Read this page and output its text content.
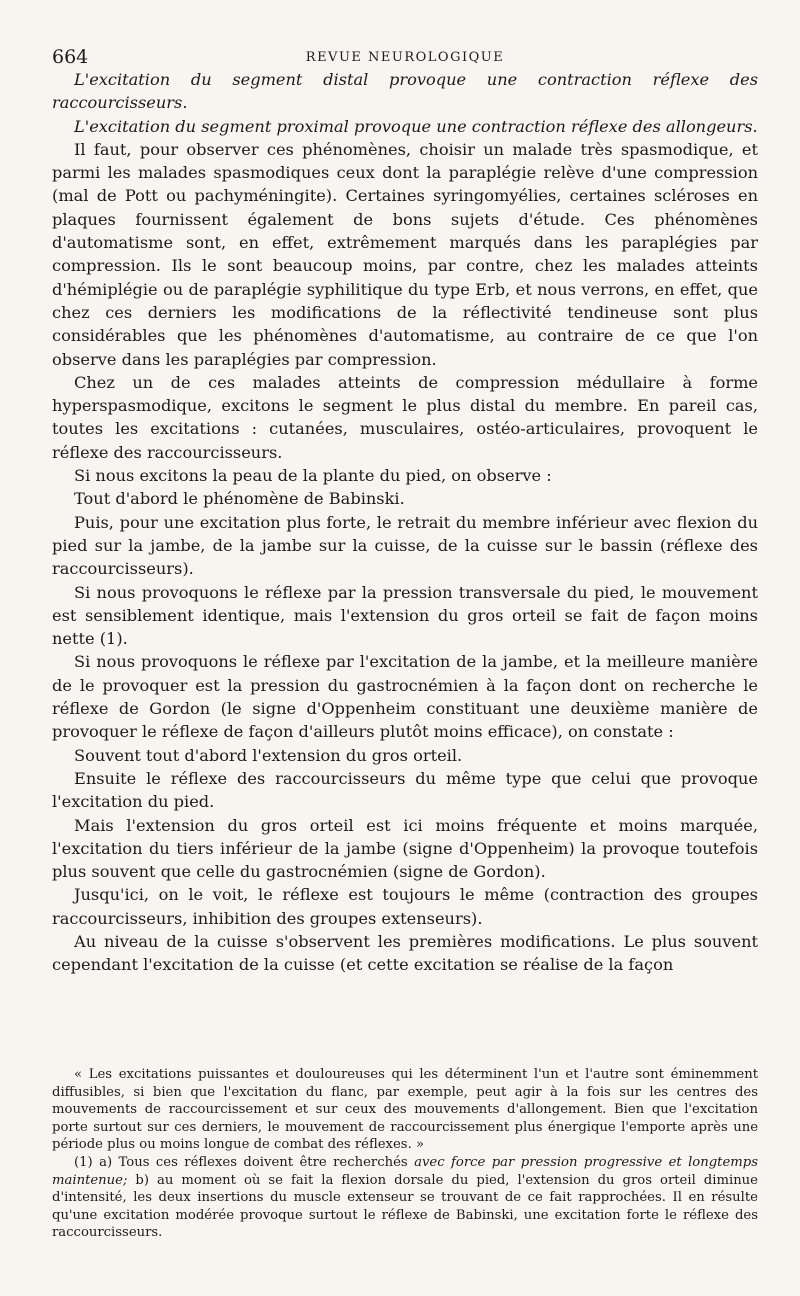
664	REVUE NEUROLOGIQUE

L'excitation du segment distal provoque une contraction réflexe des raccourcisseurs.

L'excitation du segment proximal provoque une contraction réflexe des allongeurs.

Il faut, pour observer ces phénomènes, choisir un malade très spasmodique, et parmi les malades spasmodiques ceux dont la paraplégie relève d'une compression (mal de Pott ou pachyméningite). Certaines syringomyélies, certaines scléroses en plaques fournissent également de bons sujets d'étude. Ces phénomènes d'automatisme sont, en effet, extrêmement marqués dans les paraplégies par compression. Ils le sont beaucoup moins, par contre, chez les malades atteints d'hémiplégie ou de paraplégie syphilitique du type Erb, et nous verrons, en effet, que chez ces derniers les modifications de la réflectivité tendineuse sont plus considérables que les phénomènes d'automatisme, au contraire de ce que l'on observe dans les paraplégies par compression.

Chez un de ces malades atteints de compression médullaire à forme hyperspasmodique, excitons le segment le plus distal du membre. En pareil cas, toutes les excitations : cutanées, musculaires, ostéo-articulaires, provoquent le réflexe des raccourcisseurs.

Si nous excitons la peau de la plante du pied, on observe :

Tout d'abord le phénomène de Babinski.

Puis, pour une excitation plus forte, le retrait du membre inférieur avec flexion du pied sur la jambe, de la jambe sur la cuisse, de la cuisse sur le bassin (réflexe des raccourcisseurs).

Si nous provoquons le réflexe par la pression transversale du pied, le mouvement est sensiblement identique, mais l'extension du gros orteil se fait de façon moins nette (1).

Si nous provoquons le réflexe par l'excitation de la jambe, et la meilleure manière de le provoquer est la pression du gastrocnémien à la façon dont on recherche le réflexe de Gordon (le signe d'Oppenheim constituant une deuxième manière de provoquer le réflexe de façon d'ailleurs plutôt moins efficace), on constate :

Souvent tout d'abord l'extension du gros orteil.

Ensuite le réflexe des raccourcisseurs du même type que celui que provoque l'excitation du pied.

Mais l'extension du gros orteil est ici moins fréquente et moins marquée, l'excitation du tiers inférieur de la jambe (signe d'Oppenheim) la provoque toutefois plus souvent que celle du gastrocnémien (signe de Gordon).

Jusqu'ici, on le voit, le réflexe est toujours le même (contraction des groupes raccourcisseurs, inhibition des groupes extenseurs).

Au niveau de la cuisse s'observent les premières modifications. Le plus souvent cependant l'excitation de la cuisse (et cette excitation se réalise de la façon

« Les excitations puissantes et douloureuses qui les déterminent l'un et l'autre sont éminemment diffusibles, si bien que l'excitation du flanc, par exemple, peut agir à la fois sur les centres des mouvements de raccourcissement et sur ceux des mouvements d'allongement. Bien que l'excitation porte surtout sur ces derniers, le mouvement de raccourcissement plus énergique l'emporte après une période plus ou moins longue de combat des réflexes. »

(1) a) Tous ces réflexes doivent être recherchés avec force par pression progressive et longtemps maintenue; b) au moment où se fait la flexion dorsale du pied, l'extension du gros orteil diminue d'intensité, les deux insertions du muscle extenseur se trouvant de ce fait rapprochées. Il en résulte qu'une excitation modérée provoque surtout le réflexe de Babinski, une excitation forte le réflexe des raccourcisseurs.
